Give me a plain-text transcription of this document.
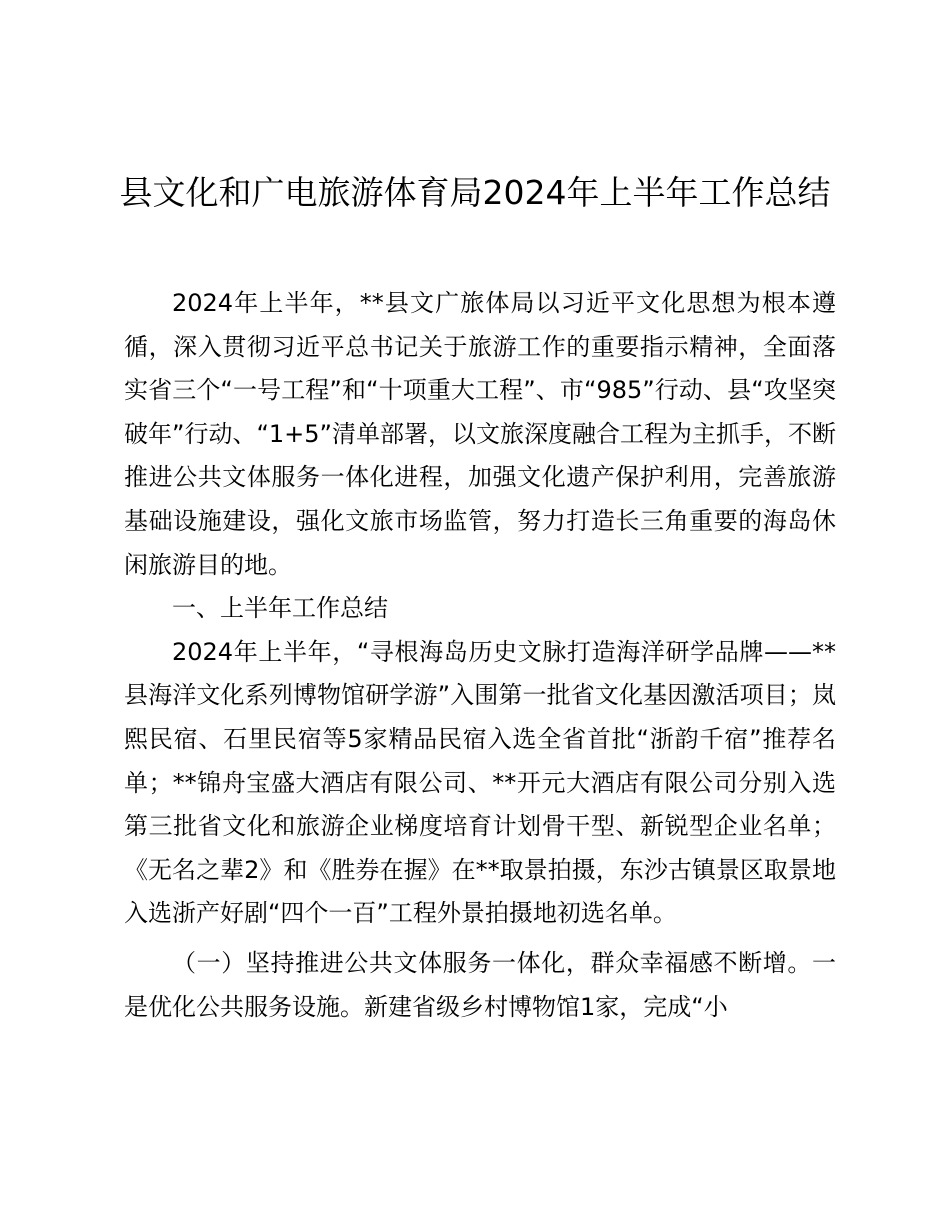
县文化和广电旅游体育局2024年上半年工作总结

2024年上半年，**县文广旅体局以习近平文化思想为根本遵循，深入贯彻习近平总书记关于旅游工作的重要指示精神，全面落实省三个“一号工程”和“十项重大工程”、市“985”行动、县“攻坚突破年”行动、“1+5”清单部署，以文旅深度融合工程为主抓手，不断推进公共文体服务一体化进程，加强文化遗产保护利用，完善旅游基础设施建设，强化文旅市场监管，努力打造长三角重要的海岛休闲旅游目的地。

一、上半年工作总结

2024年上半年，“寻根海岛历史文脉打造海洋研学品牌——**县海洋文化系列博物馆研学游”入围第一批省文化基因激活项目；岚熙民宿、石里民宿等5家精品民宿入选全省首批“浙韵千宿”推荐名单；**锦舟宝盛大酒店有限公司、**开元大酒店有限公司分别入选第三批省文化和旅游企业梯度培育计划骨干型、新锐型企业名单；《无名之辈2》和《胜券在握》在**取景拍摄，东沙古镇景区取景地入选浙产好剧“四个一百”工程外景拍摄地初选名单。

（一）坚持推进公共文体服务一体化，群众幸福感不断增。一是优化公共服务设施。新建省级乡村博物馆1家，完成“小
